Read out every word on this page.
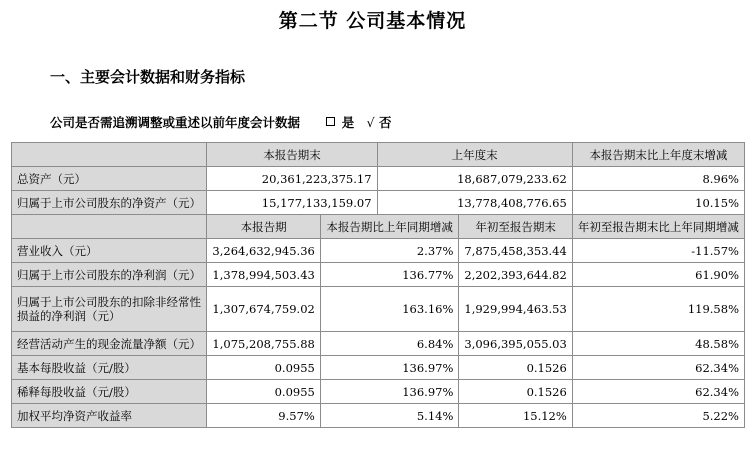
第二节 公司基本情况
一、主要会计数据和财务指标
公司是否需追溯调整或重述以前年度会计数据	是 √ 否
	本报告期末		上年度末		本报告期末比上年度末增减
总资产（元）	20,361,223,375.17		18,687,079,233.62		8.96%
归属于上市公司股东的净资产（元）	15,177,133,159.07		13,778,408,776.65		10.15%
	本报告期	本报告期比上年同期增减		年初至报告期末	年初至报告期末比上年同期增减
营业收入（元）	3,264,632,945.36	2.37%		7,875,458,353.44	-11.57%
归属于上市公司股东的净利润（元）	1,378,994,503.43	136.77%		2,202,393,644.82	61.90%
归属于上市公司股东的扣除非经常性损益的净利润（元）	1,307,674,759.02	163.16%		1,929,994,463.53	119.58%
经营活动产生的现金流量净额（元）	1,075,208,755.88	6.84%		3,096,395,055.03	48.58%
基本每股收益（元/股）	0.0955	136.97%		0.1526	62.34%
稀释每股收益（元/股）	0.0955	136.97%		0.1526	62.34%
加权平均净资产收益率	9.57%	5.14%		15.12%	5.22%
